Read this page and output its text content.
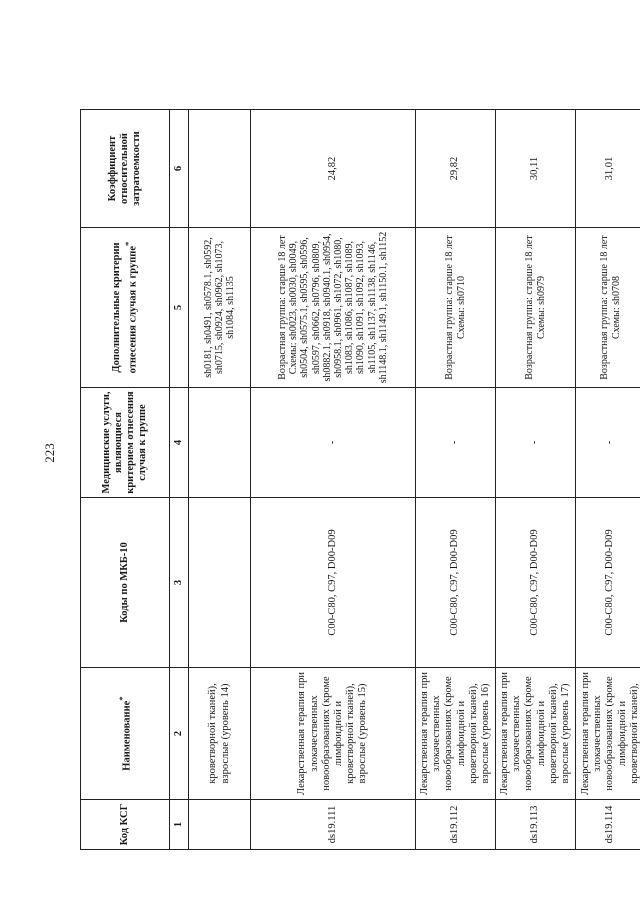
223
Код КСГ	Наименование*	Коды по МКБ-10	Медицинские услуги, являющиеся критерием отнесения случая к группе	Дополнительные критерии отнесения случая к группе*	Коэффициент относительной затратоемкости
1	2	3	4	5	6
	кроветворной тканей), взрослые (уровень 14)			sh0181, sh0491, sh0578.1, sh0592, sh0715, sh0924, sh0962, sh1073, sh1084, sh1135	
ds19.111	Лекарственная терапия при злокачественных новообразованиях (кроме лимфоидной и кроветворной тканей), взрослые (уровень 15)	C00-C80, C97, D00-D09	-	Возрастная группа: старше 18 лет Схемы: sh0023, sh0030, sh0049, sh0504, sh0575.1, sh0595, sh0596, sh0597, sh0662, sh0796, sh0809, sh0882.1, sh0918, sh0940.1, sh0954, sh0958.1, sh0961, sh1072, sh1080, sh1083, sh1086, sh1087, sh1089, sh1090, sh1091, sh1092, sh1093, sh1105, sh1137, sh1138, sh1146, sh1148.1, sh1149.1, sh1150.1, sh1152	24,82
ds19.112	Лекарственная терапия при злокачественных новообразованиях (кроме лимфоидной и кроветворной тканей), взрослые (уровень 16)	C00-C80, C97, D00-D09	-	Возрастная группа: старше 18 лет Схемы: sh0710	29,82
ds19.113	Лекарственная терапия при злокачественных новообразованиях (кроме лимфоидной и кроветворной тканей), взрослые (уровень 17)	C00-C80, C97, D00-D09	-	Возрастная группа: старше 18 лет Схемы: sh0979	30,11
ds19.114	Лекарственная терапия при злокачественных новообразованиях (кроме лимфоидной и кроветворной тканей),	C00-C80, C97, D00-D09	-	Возрастная группа: старше 18 лет Схемы: sh0708	31,01
